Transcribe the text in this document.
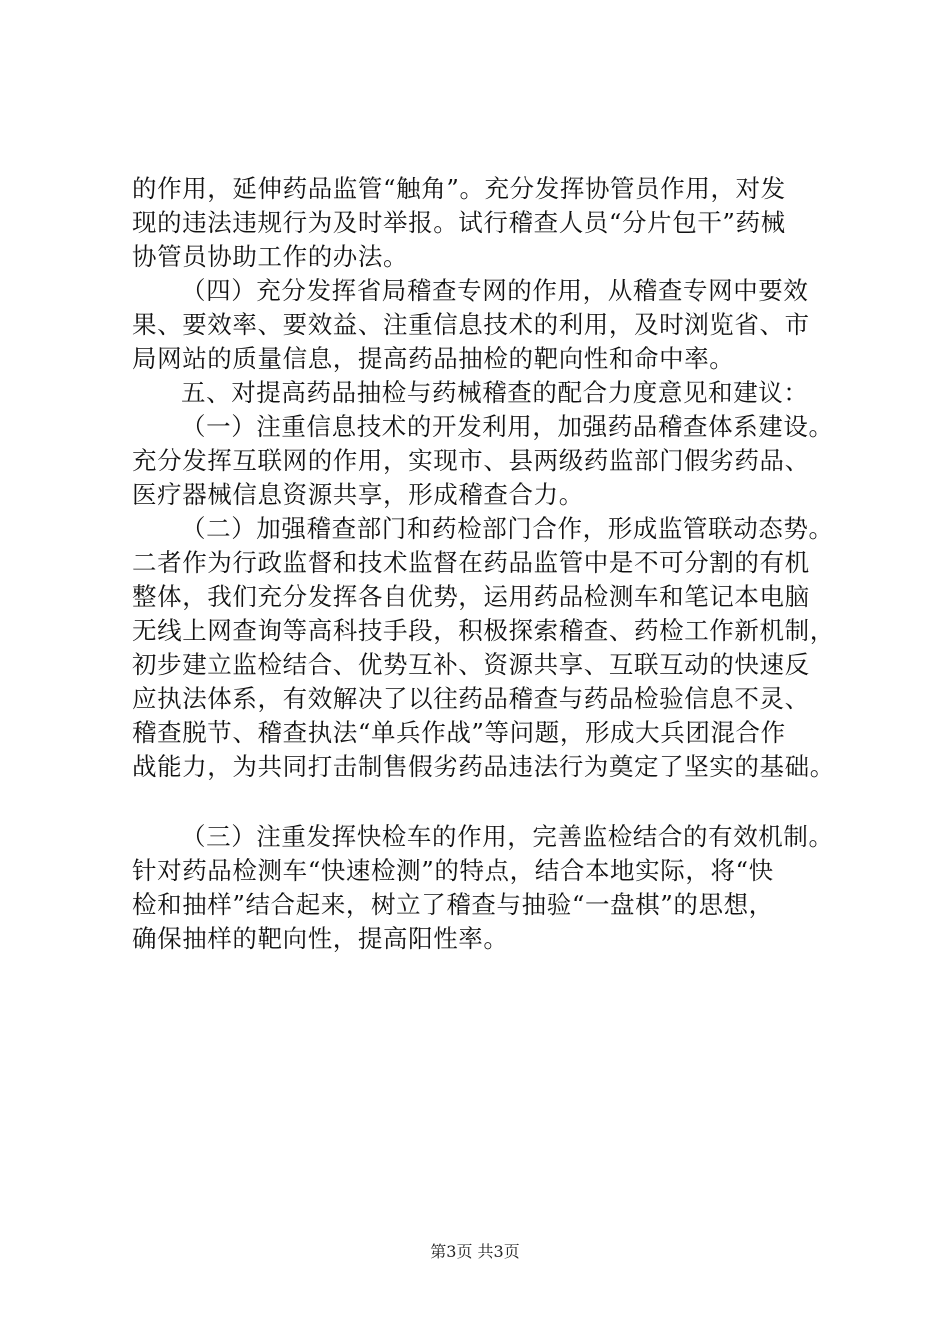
的作用，延伸药品监管“触角”。充分发挥协管员作用，对发
现的违法违规行为及时举报。试行稽查人员“分片包干”药械
协管员协助工作的办法。
（四）充分发挥省局稽查专网的作用，从稽查专网中要效
果、要效率、要效益、注重信息技术的利用，及时浏览省、市
局网站的质量信息，提高药品抽检的靶向性和命中率。
五、对提高药品抽检与药械稽查的配合力度意见和建议：
（一）注重信息技术的开发利用，加强药品稽查体系建设。
充分发挥互联网的作用，实现市、县两级药监部门假劣药品、
医疗器械信息资源共享，形成稽查合力。
（二）加强稽查部门和药检部门合作，形成监管联动态势。
二者作为行政监督和技术监督在药品监管中是不可分割的有机
整体，我们充分发挥各自优势，运用药品检测车和笔记本电脑
无线上网查询等高科技手段，积极探索稽查、药检工作新机制，
初步建立监检结合、优势互补、资源共享、互联互动的快速反
应执法体系，有效解决了以往药品稽查与药品检验信息不灵、
稽查脱节、稽查执法“单兵作战”等问题，形成大兵团混合作
战能力，为共同打击制售假劣药品违法行为奠定了坚实的基础。
（三）注重发挥快检车的作用，完善监检结合的有效机制。
针对药品检测车“快速检测”的特点，结合本地实际，将“快
检和抽样”结合起来，树立了稽查与抽验“一盘棋”的思想，
确保抽样的靶向性，提高阳性率。
第3页 共3页
